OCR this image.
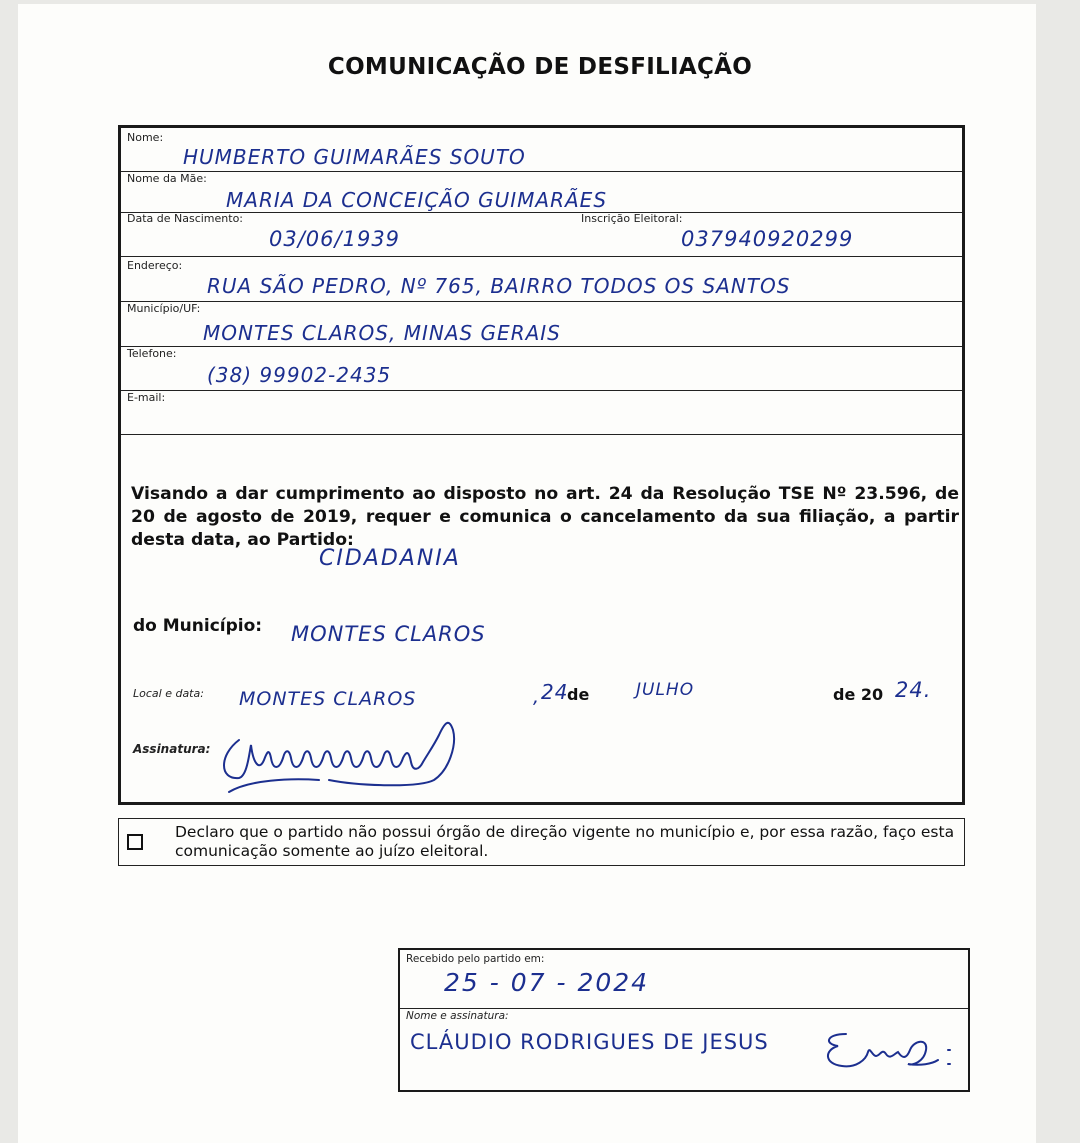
COMUNICAÇÃO DE DESFILIAÇÃO
Nome:
HUMBERTO GUIMARÃES SOUTO
Nome da Mãe:
MARIA DA CONCEIÇÃO GUIMARÃES
Data de Nascimento:	Inscrição Eleitoral:
03/06/1939	037940920299
Endereço:
RUA SÃO PEDRO, Nº 765, BAIRRO TODOS OS SANTOS
Município/UF:
MONTES CLAROS, MINAS GERAIS
Telefone:
(38) 99902-2435
E-mail:
Visando a dar cumprimento ao disposto no art. 24 da Resolução TSE Nº 23.596, de 20 de agosto de 2019, requer e comunica o cancelamento da sua filiação, a partir desta data, ao Partido:
CIDADANIA
do Município: MONTES CLAROS
Local e data: MONTES CLAROS	, 24
de	JULHO	de 20 24.
Assinatura:
Declaro que o partido não possui órgão de direção vigente no município e, por essa razão, faço esta comunicação somente ao juízo eleitoral.
Recebido pelo partido em:
25 - 07 - 2024
Nome e assinatura:
CLÁUDIO RODRIGUES DE JESUS
